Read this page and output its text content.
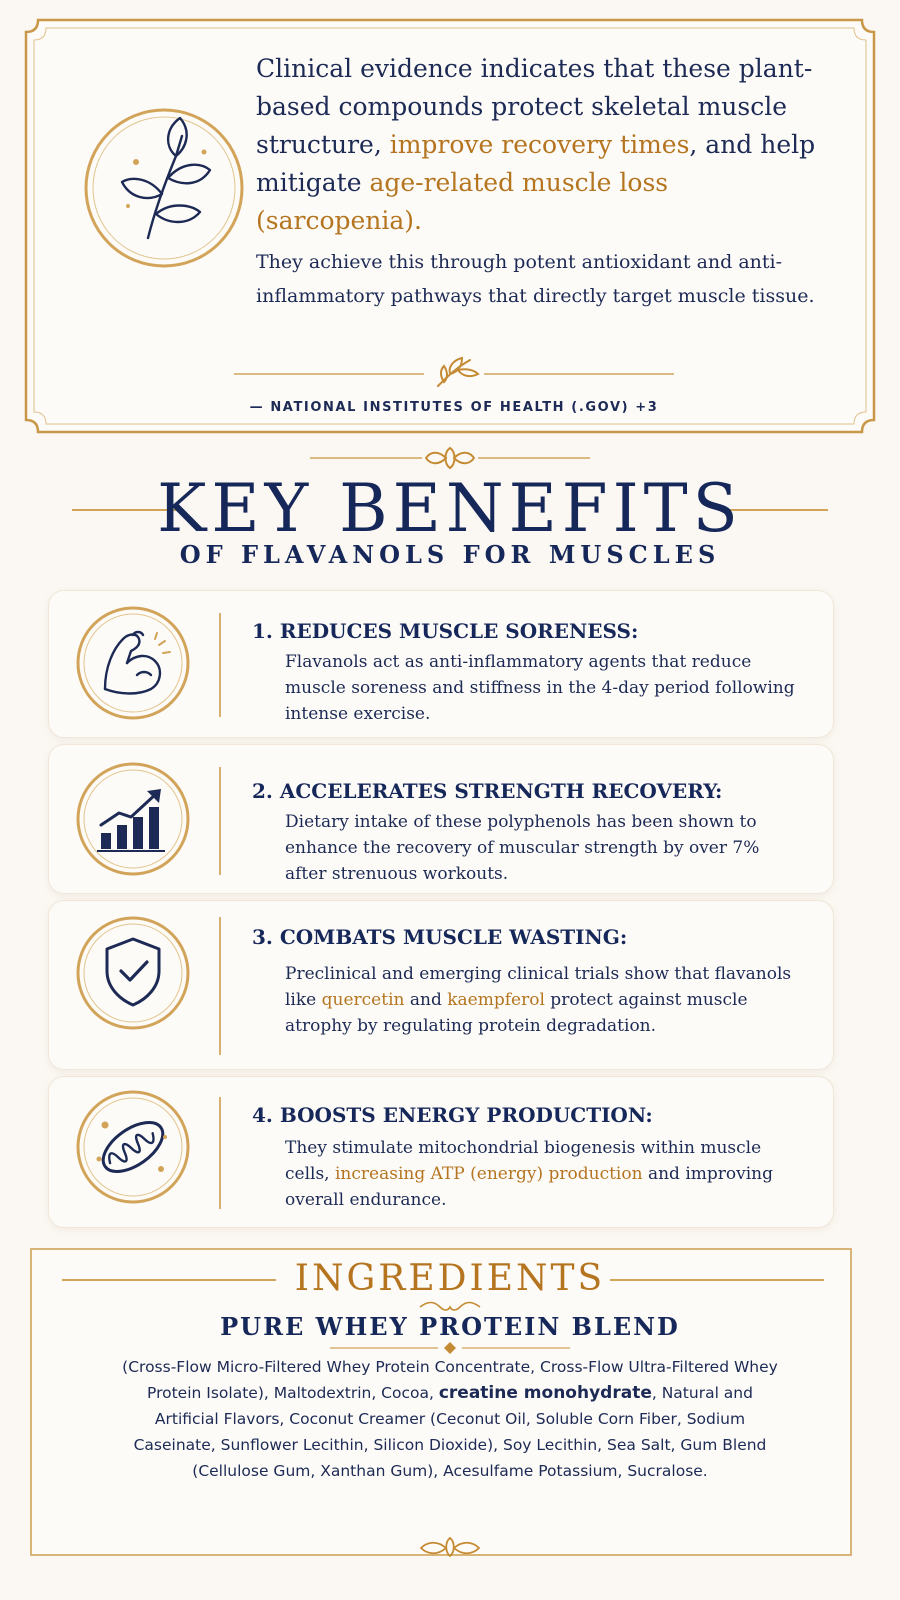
Clinical evidence indicates that these plant-based compounds protect skeletal muscle structure, improve recovery times, and help mitigate age-related muscle loss (sarcopenia).
They achieve this through potent antioxidant and anti-inflammatory pathways that directly target muscle tissue.
— NATIONAL INSTITUTES OF HEALTH (.GOV) +3
KEY BENEFITS
OF FLAVANOLS FOR MUSCLES
1. REDUCES MUSCLE SORENESS:
Flavanols act as anti-inflammatory agents that reduce muscle soreness and stiffness in the 4-day period following intense exercise.
2. ACCELERATES STRENGTH RECOVERY:
Dietary intake of these polyphenols has been shown to enhance the recovery of muscular strength by over 7% after strenuous workouts.
3. COMBATS MUSCLE WASTING:
Preclinical and emerging clinical trials show that flavanols like quercetin and kaempferol protect against muscle atrophy by regulating protein degradation.
4. BOOSTS ENERGY PRODUCTION:
They stimulate mitochondrial biogenesis within muscle cells, increasing ATP (energy) production and improving overall endurance.
INGREDIENTS
PURE WHEY PROTEIN BLEND
(Cross-Flow Micro-Filtered Whey Protein Concentrate, Cross-Flow Ultra-Filtered Whey Protein Isolate), Maltodextrin, Cocoa, creatine monohydrate, Natural and Artificial Flavors, Coconut Creamer (Ceconut Oil, Soluble Corn Fiber, Sodium Caseinate, Sunflower Lecithin, Silicon Dioxide), Soy Lecithin, Sea Salt, Gum Blend (Cellulose Gum, Xanthan Gum), Acesulfame Potassium, Sucralose.
